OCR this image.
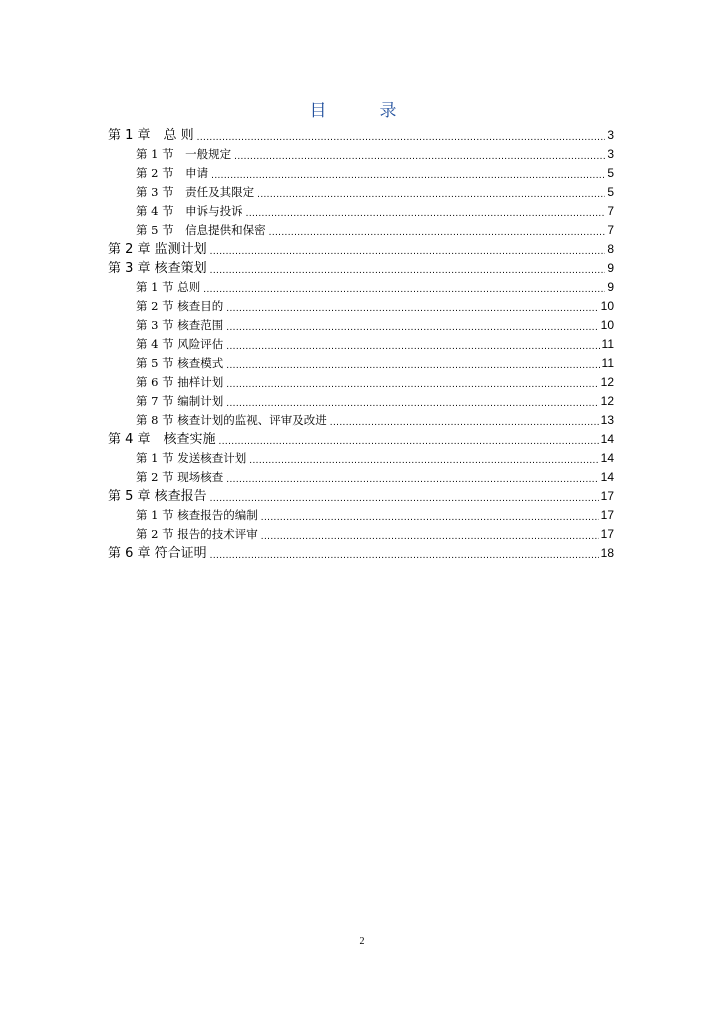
目　录
第 1 章　总 则 .....	3
第 1 节　一般规定 .....	3
第 2 节　申请 .....	5
第 3 节　责任及其限定 .....	5
第 4 节　申诉与投诉 .....	7
第 5 节　信息提供和保密 .....	7
第 2 章 监测计划 .....	8
第 3 章 核查策划 .....	9
第 1 节 总则 .....	9
第 2 节 核查目的 .....	10
第 3 节 核查范围 .....	10
第 4 节 风险评估 .....	11
第 5 节 核查模式 .....	11
第 6 节 抽样计划 .....	12
第 7 节 编制计划 .....	12
第 8 节 核查计划的监视、评审及改进 .....	13
第 4 章　核查实施 .....	14
第 1 节 发送核查计划 .....	14
第 2 节 现场核查 .....	14
第 5 章 核查报告 .....	17
第 1 节 核查报告的编制 .....	17
第 2 节 报告的技术评审 .....	17
第 6 章 符合证明 .....	18
2
